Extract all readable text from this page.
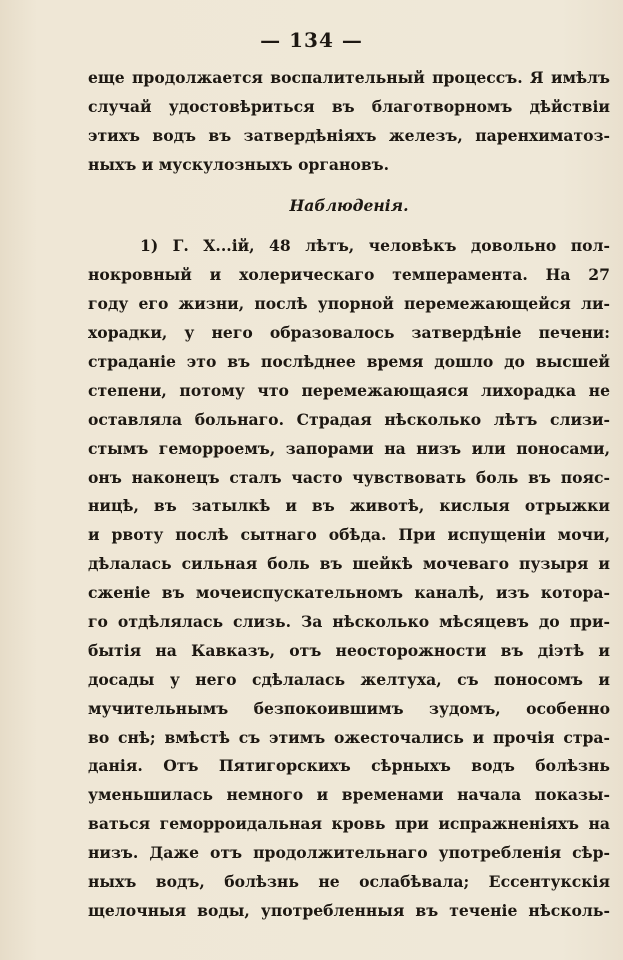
— 134 —
еще продолжается воспалительный процессъ. Я имѣлъ
случай удостовѣриться въ благотворномъ дѣйствіи
этихъ водъ въ затвердѣніяхъ железъ, паренхиматоз-
ныхъ и мускулозныхъ органовъ.
Наблюденія.
1) Г. Х...ій, 48 лѣтъ, человѣкъ довольно пол-
нокровный и холерическаго темперамента. На 27
году его жизни, послѣ упорной перемежающейся ли-
хорадки, у него образовалось затвердѣніе печени:
страданіе это въ послѣднее время дошло до высшей
степени, потому что перемежающаяся лихорадка не
оставляла больнаго. Страдая нѣсколько лѣтъ слизи-
стымъ геморроемъ, запорами на низъ или поносами,
онъ наконецъ сталъ часто чувствовать боль въ пояс-
ницѣ, въ затылкѣ и въ животѣ, кислыя отрыжки
и рвоту послѣ сытнаго обѣда. При испущеніи мочи,
дѣлалась сильная боль въ шейкѣ мочеваго пузыря и
сженіе въ мочеиспускательномъ каналѣ, изъ котора-
го отдѣлялась слизь. За нѣсколько мѣсяцевъ до при-
бытія на Кавказъ, отъ неосторожности въ діэтѣ и
досады у него сдѣлалась желтуха, съ поносомъ и
мучительнымъ безпокоившимъ зудомъ, особенно
во снѣ; вмѣстѣ съ этимъ ожесточались и прочія стра-
данія. Отъ Пятигорскихъ сѣрныхъ водъ болѣзнь
уменьшилась немного и временами начала показы-
ваться геморроидальная кровь при испражненіяхъ на
низъ. Даже отъ продолжительнаго употребленія сѣр-
ныхъ водъ, болѣзнь не ослабѣвала; Ессентукскія
щелочныя воды, употребленныя въ теченіе нѣсколь-
